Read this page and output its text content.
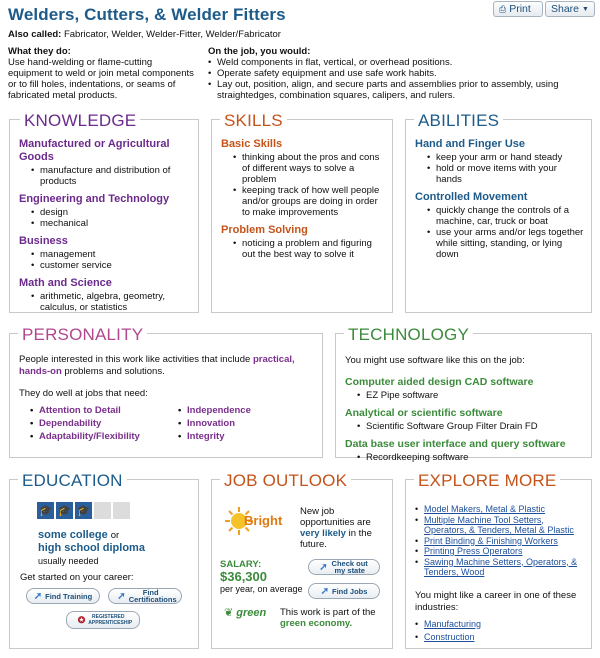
Welders, Cutters, & Welder Fitters	⎙ Print Share ▼
Also called: Fabricator, Welder, Welder-Fitter, Welder/Fabricator
What they do:
Use hand-welding or flame-cutting equipment to weld or join metal components or to fill holes, indentations, or seams of fabricated metal products.
On the job, you would:
• Weld components in flat, vertical, or overhead positions.
• Operate safety equipment and use safe work habits.
• Lay out, position, align, and secure parts and assemblies prior to assembly, using straightedges, combination squares, calipers, and rulers.
KNOWLEDGE
Manufactured or Agricultural Goods
• manufacture and distribution of products
Engineering and Technology
• design
• mechanical
Business
• management
• customer service
Math and Science
• arithmetic, algebra, geometry, calculus, or statistics
SKILLS
Basic Skills
• thinking about the pros and cons of different ways to solve a problem
• keeping track of how well people and/or groups are doing in order to make improvements
Problem Solving
• noticing a problem and figuring out the best way to solve it
ABILITIES
Hand and Finger Use
• keep your arm or hand steady
• hold or move items with your hands
Controlled Movement
• quickly change the controls of a machine, car, truck or boat
• use your arms and/or legs together while sitting, standing, or lying down
PERSONALITY
People interested in this work like activities that include practical, hands-on problems and solutions.
They do well at jobs that need:
• Attention to Detail
• Dependability
• Adaptability/Flexibility
• Independence
• Innovation
• Integrity
TECHNOLOGY
You might use software like this on the job:
Computer aided design CAD software
• EZ Pipe software
Analytical or scientific software
• Scientific Software Group Filter Drain FD
Data base user interface and query software
• Recordkeeping software
EDUCATION
🎓 🎓 🎓
some college or
high school diploma
usually needed
Get started on your career:
➚ Find Training	➚	Find Certifications
✪	REGISTERED APPRENTICESHIP
JOB OUTLOOK
Bright
New job opportunities are very likely in the future.
SALARY:
$36,300
per year, on average
➚ Check out my state
➚ Find Jobs
❦ green This work is part of the green economy.
EXPLORE MORE
• Model Makers, Metal & Plastic
• Multiple Machine Tool Setters, Operators, & Tenders, Metal & Plastic
• Print Binding & Finishing Workers
• Printing Press Operators
• Sawing Machine Setters, Operators, & Tenders, Wood
You might like a career in one of these industries:
• Manufacturing
• Construction
